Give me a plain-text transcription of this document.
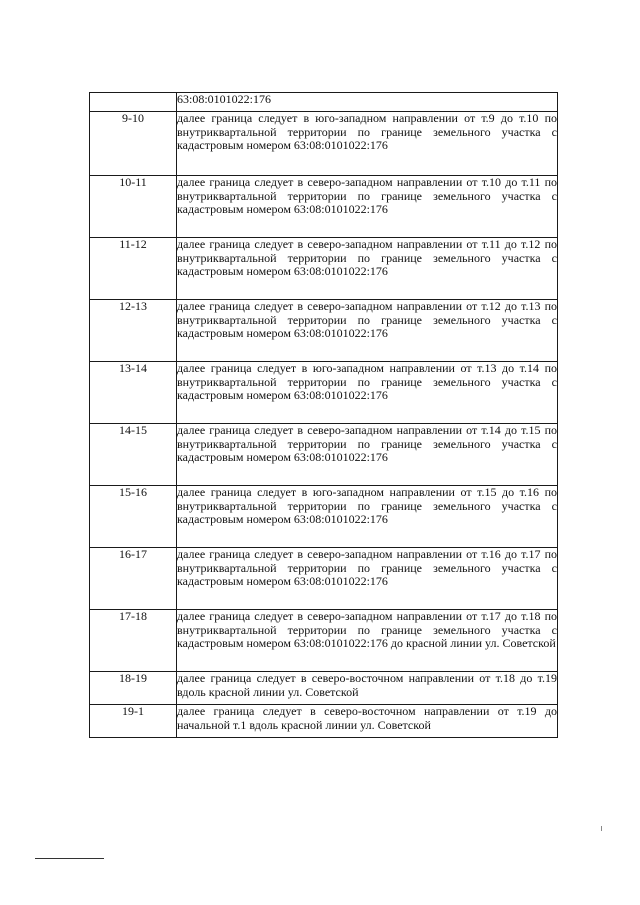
	63:08:0101022:176
9-10	далее граница следует в юго-западном направлении от т.9 до т.10 по внутриквартальной территории по границе земельного участка с кадастровым номером 63:08:0101022:176
10-11	далее граница следует в северо-западном направлении от т.10 до т.11 по внутриквартальной территории по границе земельного участка с кадастровым номером 63:08:0101022:176
11-12	далее граница следует в северо-западном направлении от т.11 до т.12 по внутриквартальной территории по границе земельного участка с кадастровым номером 63:08:0101022:176
12-13	далее граница следует в северо-западном направлении от т.12 до т.13 по внутриквартальной территории по границе земельного участка с кадастровым номером 63:08:0101022:176
13-14	далее граница следует в юго-западном направлении от т.13 до т.14 по внутриквартальной территории по границе земельного участка с кадастровым номером 63:08:0101022:176
14-15	далее граница следует в северо-западном направлении от т.14 до т.15 по внутриквартальной территории по границе земельного участка с кадастровым номером 63:08:0101022:176
15-16	далее граница следует в юго-западном направлении от т.15 до т.16 по внутриквартальной территории по границе земельного участка с кадастровым номером 63:08:0101022:176
16-17	далее граница следует в северо-западном направлении от т.16 до т.17 по внутриквартальной территории по границе земельного участка с кадастровым номером 63:08:0101022:176
17-18	далее граница следует в северо-западном направлении от т.17 до т.18 по внутриквартальной территории по границе земельного участка с кадастровым номером 63:08:0101022:176 до красной линии ул. Советской
18-19	далее граница следует в северо-восточном направлении от т.18 до т.19 вдоль красной линии ул. Советской
19-1	далее граница следует в северо-восточном направлении от т.19 до начальной т.1 вдоль красной линии ул. Советской
